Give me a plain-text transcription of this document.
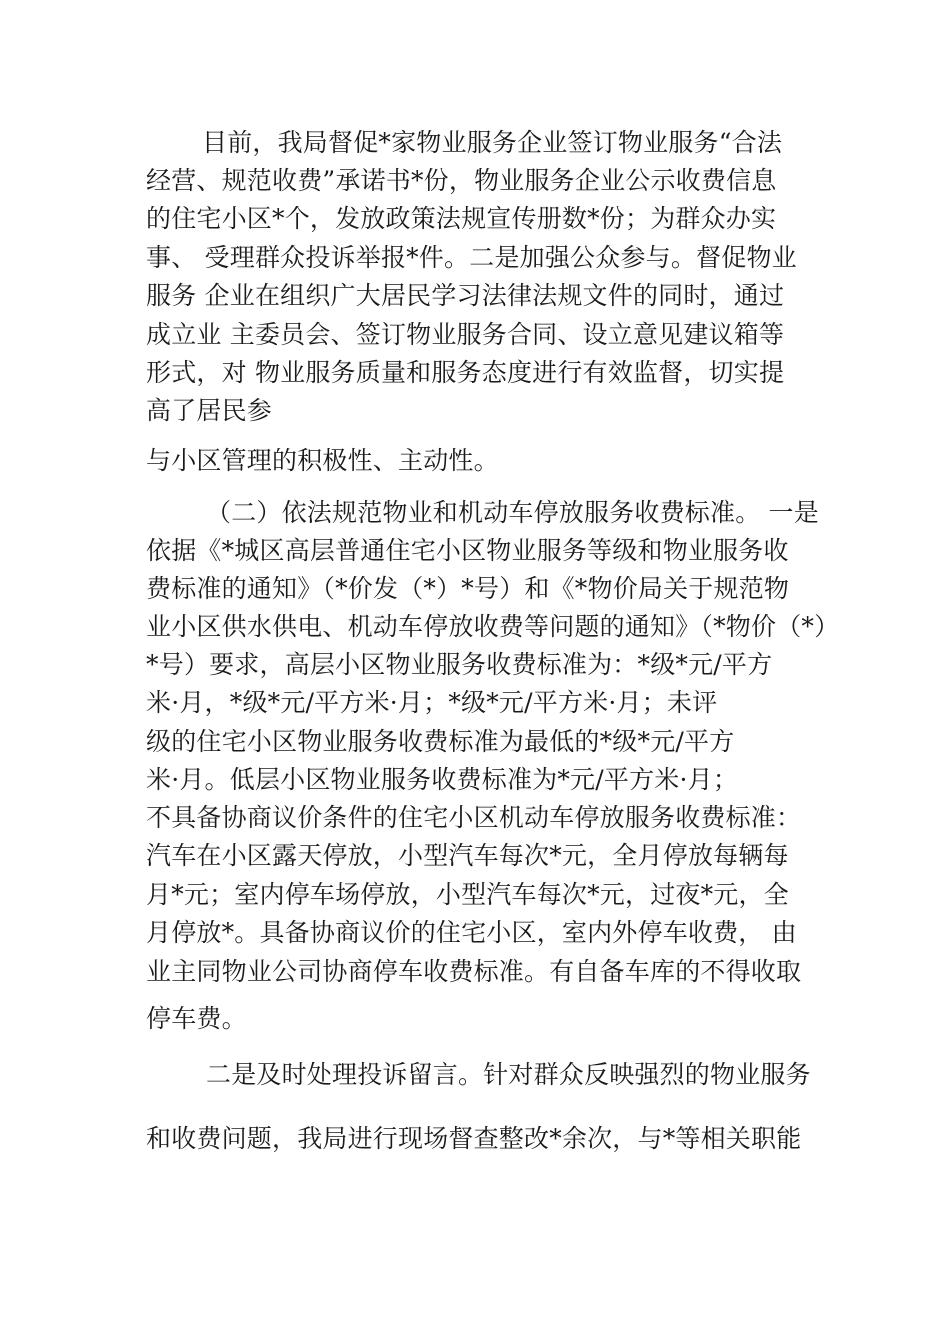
目前，我局督促*家物业服务企业签订物业服务“合法
经营、规范收费”承诺书*份，物业服务企业公示收费信息
的住宅小区*个，发放政策法规宣传册数*份；为群众办实
事、 受理群众投诉举报*件。二是加强公众参与。督促物业
服务 企业在组织广大居民学习法律法规文件的同时，通过
成立业 主委员会、签订物业服务合同、设立意见建议箱等
形式，对 物业服务质量和服务态度进行有效监督，切实提
高了居民参
与小区管理的积极性、主动性。
（二）依法规范物业和机动车停放服务收费标准。 一是
依据《*城区高层普通住宅小区物业服务等级和物业服务收
费标准的通知》（*价发（*）*号）和《*物价局关于规范物
业小区供水供电、机动车停放收费等问题的通知》（*物价（*）
*号）要求，高层小区物业服务收费标准为：*级*元/平方
米·月，*级*元/平方米·月；*级*元/平方米·月；未评
级的住宅小区物业服务收费标准为最低的*级*元/平方
米·月。低层小区物业服务收费标准为*元/平方米·月；
不具备协商议价条件的住宅小区机动车停放服务收费标准：
汽车在小区露天停放，小型汽车每次*元，全月停放每辆每
月*元；室内停车场停放，小型汽车每次*元，过夜*元，全
月停放*。具备协商议价的住宅小区，室内外停车收费， 由
业主同物业公司协商停车收费标准。有自备车库的不得收取
停车费。
二是及时处理投诉留言。针对群众反映强烈的物业服务
和收费问题，我局进行现场督查整改*余次，与*等相关职能
